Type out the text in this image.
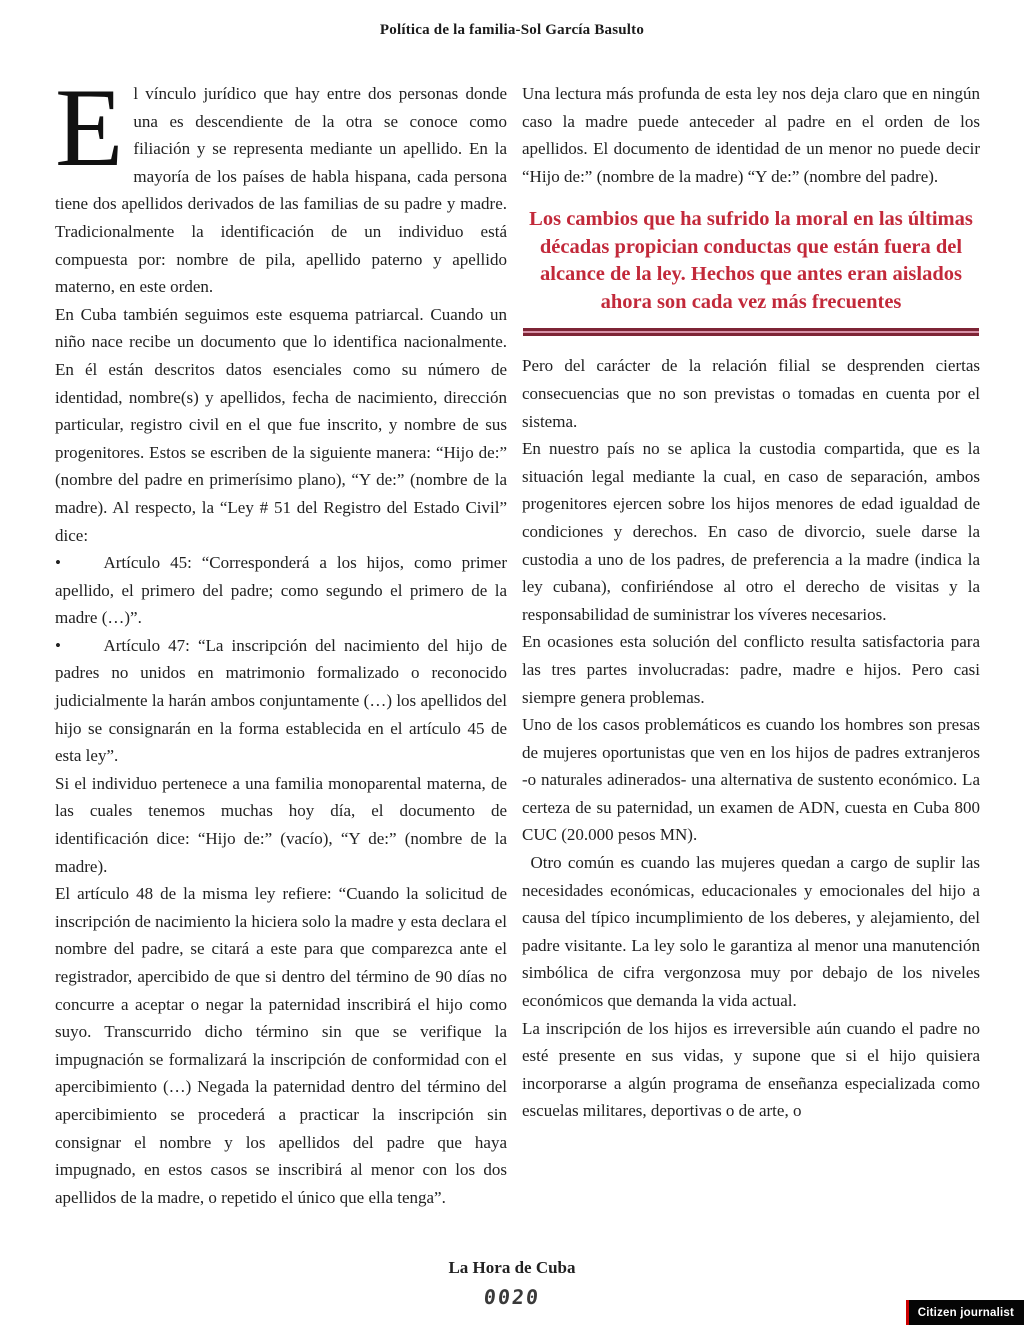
Política de la familia-Sol García Basulto

El vínculo jurídico que hay entre dos personas donde una es descendiente de la otra se conoce como filiación y se representa mediante un apellido. En la mayoría de los países de habla hispana, cada persona tiene dos apellidos derivados de las familias de su padre y madre. Tradicionalmente la identificación de un individuo está compuesta por: nombre de pila, apellido paterno y apellido materno, en este orden.

En Cuba también seguimos este esquema patriarcal. Cuando un niño nace recibe un documento que lo identifica nacionalmente. En él están descritos datos esenciales como su número de identidad, nombre(s) y apellidos, fecha de nacimiento, dirección particular, registro civil en el que fue inscrito, y nombre de sus progenitores. Estos se escriben de la siguiente manera: “Hijo de:” (nombre del padre en primerísimo plano), “Y de:” (nombre de la madre). Al respecto, la “Ley # 51 del Registro del Estado Civil” dice:

•   Artículo 45: “Corresponderá a los hijos, como primer apellido, el primero del padre; como segundo el primero de la madre (…)”.

•   Artículo 47: “La inscripción del nacimiento del hijo de padres no unidos en matrimonio formalizado o reconocido judicialmente la harán ambos conjuntamente (…) los apellidos del hijo se consignarán en la forma establecida en el artículo 45 de esta ley”.

Si el individuo pertenece a una familia monoparental materna, de las cuales tenemos muchas hoy día, el documento de identificación dice: “Hijo de:” (vacío), “Y de:” (nombre de la madre).

El artículo 48 de la misma ley refiere: “Cuando la solicitud de inscripción de nacimiento la hiciera solo la madre y esta declara el nombre del padre, se citará a este para que comparezca ante el registrador, apercibido de que si dentro del término de 90 días no concurre a aceptar o negar la paternidad inscribirá el hijo como suyo. Transcurrido dicho término sin que se verifique la impugnación se formalizará la inscripción de conformidad con el apercibimiento (…) Negada la paternidad dentro del término del apercibimiento se procederá a practicar la inscripción sin consignar el nombre y los apellidos del padre que haya impugnado, en estos casos se inscribirá al menor con los dos apellidos de la madre, o repetido el único que ella tenga”.

Una lectura más profunda de esta ley nos deja claro que en ningún caso la madre puede anteceder al padre en el orden de los apellidos. El documento de identidad de un menor no puede decir “Hijo de:” (nombre de la madre) “Y de:” (nombre del padre).

Los cambios que ha sufrido la moral en las últimas décadas propician conductas que están fuera del alcance de la ley. Hechos que antes eran aislados ahora son cada vez más frecuentes

Pero del carácter de la relación filial se desprenden ciertas consecuencias que no son previstas o tomadas en cuenta por el sistema.

En nuestro país no se aplica la custodia compartida, que es la situación legal mediante la cual, en caso de separación, ambos progenitores ejercen sobre los hijos menores de edad igualdad de condiciones y derechos. En caso de divorcio, suele darse la custodia a uno de los padres, de preferencia a la madre (indica la ley cubana), confiriéndose al otro el derecho de visitas y la responsabilidad de suministrar los víveres necesarios.

En ocasiones esta solución del conflicto resulta satisfactoria para las tres partes involucradas: padre, madre e hijos. Pero casi siempre genera problemas.

Uno de los casos problemáticos es cuando los hombres son presas de mujeres oportunistas que ven en los hijos de padres extranjeros -o naturales adinerados- una alternativa de sustento económico. La certeza de su paternidad, un examen de ADN, cuesta en Cuba 800 CUC (20.000 pesos MN).

 Otro común es cuando las mujeres quedan a cargo de suplir las necesidades económicas, educacionales y emocionales del hijo a causa del típico incumplimiento de los deberes, y alejamiento, del padre visitante. La ley solo le garantiza al menor una manutención simbólica de cifra vergonzosa muy por debajo de los niveles económicos que demanda la vida actual.

La inscripción de los hijos es irreversible aún cuando el padre no esté presente en sus vidas, y supone que si el hijo quisiera incorporarse a algún programa de enseñanza especializada como escuelas militares, deportivas o de arte, o

La Hora de Cuba
0020
Citizen journalist
